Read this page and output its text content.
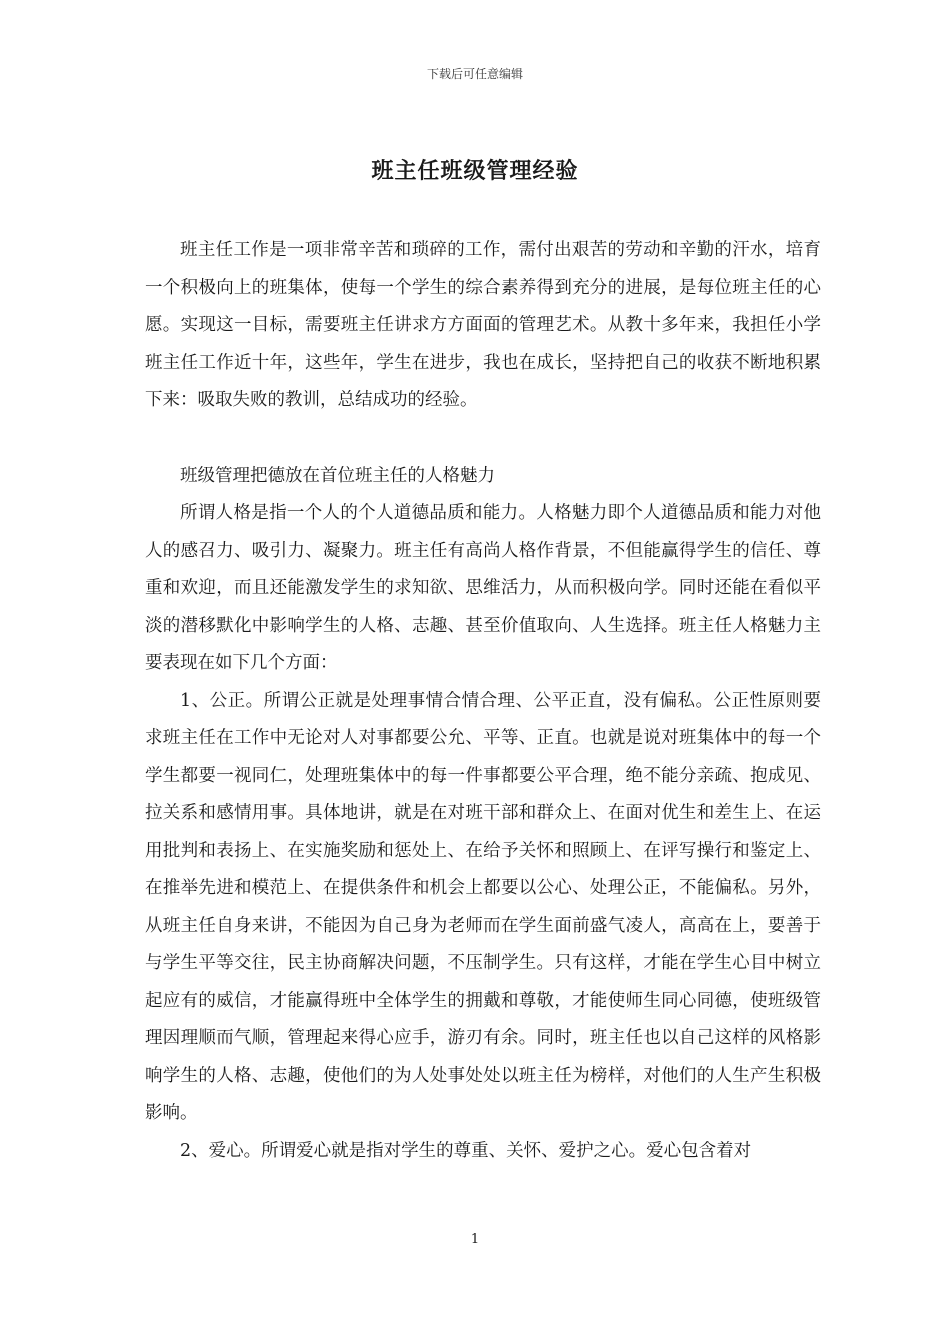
下载后可任意编辑
班主任班级管理经验

班主任工作是一项非常辛苦和琐碎的工作，需付出艰苦的劳动和辛勤的汗水，培育一个积极向上的班集体，使每一个学生的综合素养得到充分的进展，是每位班主任的心愿。实现这一目标，需要班主任讲求方方面面的管理艺术。从教十多年来，我担任小学班主任工作近十年，这些年，学生在进步，我也在成长，坚持把自己的收获不断地积累下来：吸取失败的教训，总结成功的经验。

班级管理把德放在首位班主任的人格魅力

所谓人格是指一个人的个人道德品质和能力。人格魅力即个人道德品质和能力对他人的感召力、吸引力、凝聚力。班主任有高尚人格作背景，不但能赢得学生的信任、尊重和欢迎，而且还能激发学生的求知欲、思维活力，从而积极向学。同时还能在看似平淡的潜移默化中影响学生的人格、志趣、甚至价值取向、人生选择。班主任人格魅力主要表现在如下几个方面：

1、公正。所谓公正就是处理事情合情合理、公平正直，没有偏私。公正性原则要求班主任在工作中无论对人对事都要公允、平等、正直。也就是说对班集体中的每一个学生都要一视同仁，处理班集体中的每一件事都要公平合理，绝不能分亲疏、抱成见、拉关系和感情用事。具体地讲，就是在对班干部和群众上、在面对优生和差生上、在运用批判和表扬上、在实施奖励和惩处上、在给予关怀和照顾上、在评写操行和鉴定上、在推举先进和模范上、在提供条件和机会上都要以公心、处理公正，不能偏私。另外，从班主任自身来讲，不能因为自己身为老师而在学生面前盛气凌人，高高在上，要善于与学生平等交往，民主协商解决问题，不压制学生。只有这样，才能在学生心目中树立起应有的威信，才能赢得班中全体学生的拥戴和尊敬，才能使师生同心同德，使班级管理因理顺而气顺，管理起来得心应手，游刃有余。同时，班主任也以自己这样的风格影响学生的人格、志趣，使他们的为人处事处处以班主任为榜样，对他们的人生产生积极影响。

2、爱心。所谓爱心就是指对学生的尊重、关怀、爱护之心。爱心包含着对

1
